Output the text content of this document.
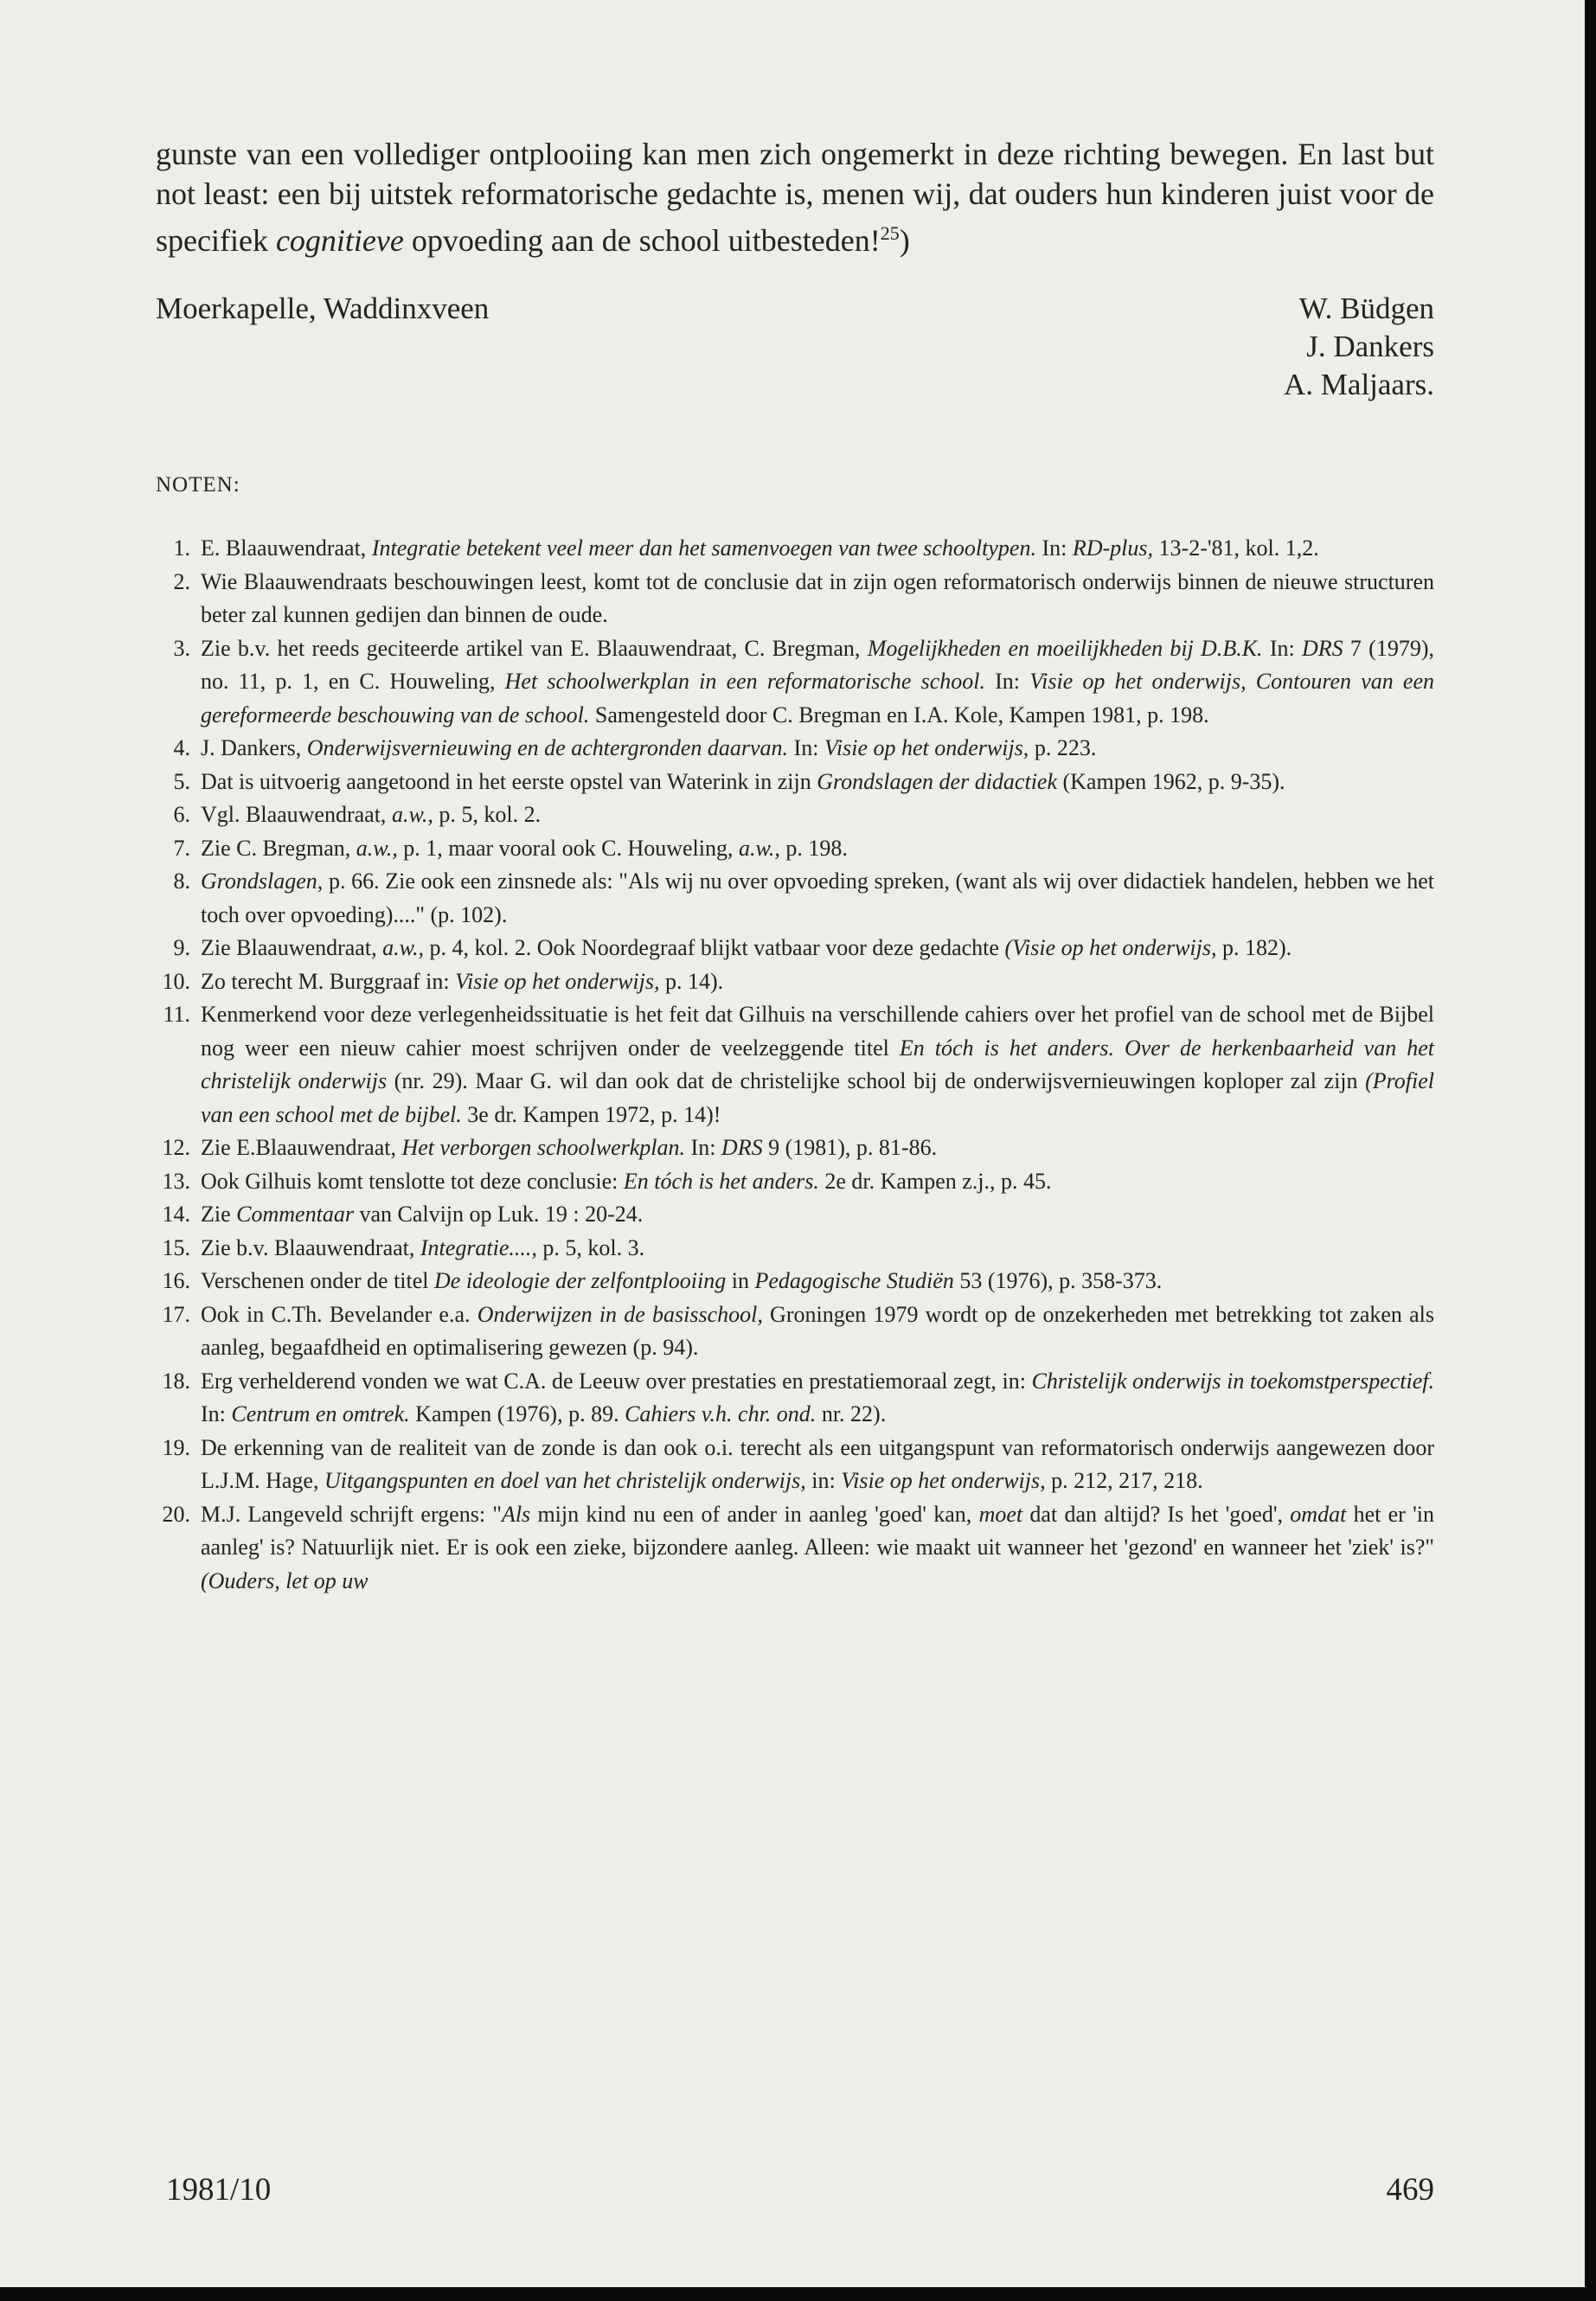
gunste van een vollediger ontplooiing kan men zich ongemerkt in deze richting bewegen. En last but not least: een bij uitstek reformatorische gedachte is, menen wij, dat ouders hun kinderen juist voor de specifiek cognitieve opvoeding aan de school uitbesteden!$^{25}$)

Moerkapelle, Waddinxveen	W. Büdgen
J. Dankers
A. Maljaars.
NOTEN:
1. E. Blaauwendraat, Integratie betekent veel meer dan het samenvoegen van twee schooltypen. In: RD-plus, 13-2-'81, kol. 1,2.
2. Wie Blaauwendraats beschouwingen leest, komt tot de conclusie dat in zijn ogen reformatorisch onderwijs binnen de nieuwe structuren beter zal kunnen gedijen dan binnen de oude.
3. Zie b.v. het reeds geciteerde artikel van E. Blaauwendraat, C. Bregman, Mogelijkheden en moeilijkheden bij D.B.K. In: DRS 7 (1979), no. 11, p. 1, en C. Houweling, Het schoolwerkplan in een reformatorische school. In: Visie op het onderwijs, Contouren van een gereformeerde beschouwing van de school. Samengesteld door C. Bregman en I.A. Kole, Kampen 1981, p. 198.
4. J. Dankers, Onderwijsvernieuwing en de achtergronden daarvan. In: Visie op het onderwijs, p. 223.
5. Dat is uitvoerig aangetoond in het eerste opstel van Waterink in zijn Grondslagen der didactiek (Kampen 1962, p. 9-35).
6. Vgl. Blaauwendraat, a.w., p. 5, kol. 2.
7. Zie C. Bregman, a.w., p. 1, maar vooral ook C. Houweling, a.w., p. 198.
8. Grondslagen, p. 66. Zie ook een zinsnede als: "Als wij nu over opvoeding spreken, (want als wij over didactiek handelen, hebben we het toch over opvoeding)...." (p. 102).
9. Zie Blaauwendraat, a.w., p. 4, kol. 2. Ook Noordegraaf blijkt vatbaar voor deze gedachte (Visie op het onderwijs, p. 182).
10. Zo terecht M. Burggraaf in: Visie op het onderwijs, p. 14).
11. Kenmerkend voor deze verlegenheidssituatie is het feit dat Gilhuis na verschillende cahiers over het profiel van de school met de Bijbel nog weer een nieuw cahier moest schrijven onder de veelzeggende titel En tóch is het anders. Over de herkenbaarheid van het christelijk onderwijs (nr. 29). Maar G. wil dan ook dat de christelijke school bij de onderwijsvernieuwingen koploper zal zijn (Profiel van een school met de bijbel. 3e dr. Kampen 1972, p. 14)!
12. Zie E.Blaauwendraat, Het verborgen schoolwerkplan. In: DRS 9 (1981), p. 81-86.
13. Ook Gilhuis komt tenslotte tot deze conclusie: En tóch is het anders. 2e dr. Kampen z.j., p. 45.
14. Zie Commentaar van Calvijn op Luk. 19 : 20-24.
15. Zie b.v. Blaauwendraat, Integratie...., p. 5, kol. 3.
16. Verschenen onder de titel De ideologie der zelfontplooiing in Pedagogische Studiën 53 (1976), p. 358-373.
17. Ook in C.Th. Bevelander e.a. Onderwijzen in de basisschool, Groningen 1979 wordt op de onzekerheden met betrekking tot zaken als aanleg, begaafdheid en optimalisering gewezen (p. 94).
18. Erg verhelderend vonden we wat C.A. de Leeuw over prestaties en prestatiemoraal zegt, in: Christelijk onderwijs in toekomstperspectief. In: Centrum en omtrek. Kampen (1976), p. 89. Cahiers v.h. chr. ond. nr. 22).
19. De erkenning van de realiteit van de zonde is dan ook o.i. terecht als een uitgangspunt van reformatorisch onderwijs aangewezen door L.J.M. Hage, Uitgangspunten en doel van het christelijk onderwijs, in: Visie op het onderwijs, p. 212, 217, 218.
20. M.J. Langeveld schrijft ergens: "Als mijn kind nu een of ander in aanleg 'goed' kan, moet dat dan altijd? Is het 'goed', omdat het er 'in aanleg' is? Natuurlijk niet. Er is ook een zieke, bijzondere aanleg. Alleen: wie maakt uit wanneer het 'gezond' en wanneer het 'ziek' is?" (Ouders, let op uw
1981/10	469
